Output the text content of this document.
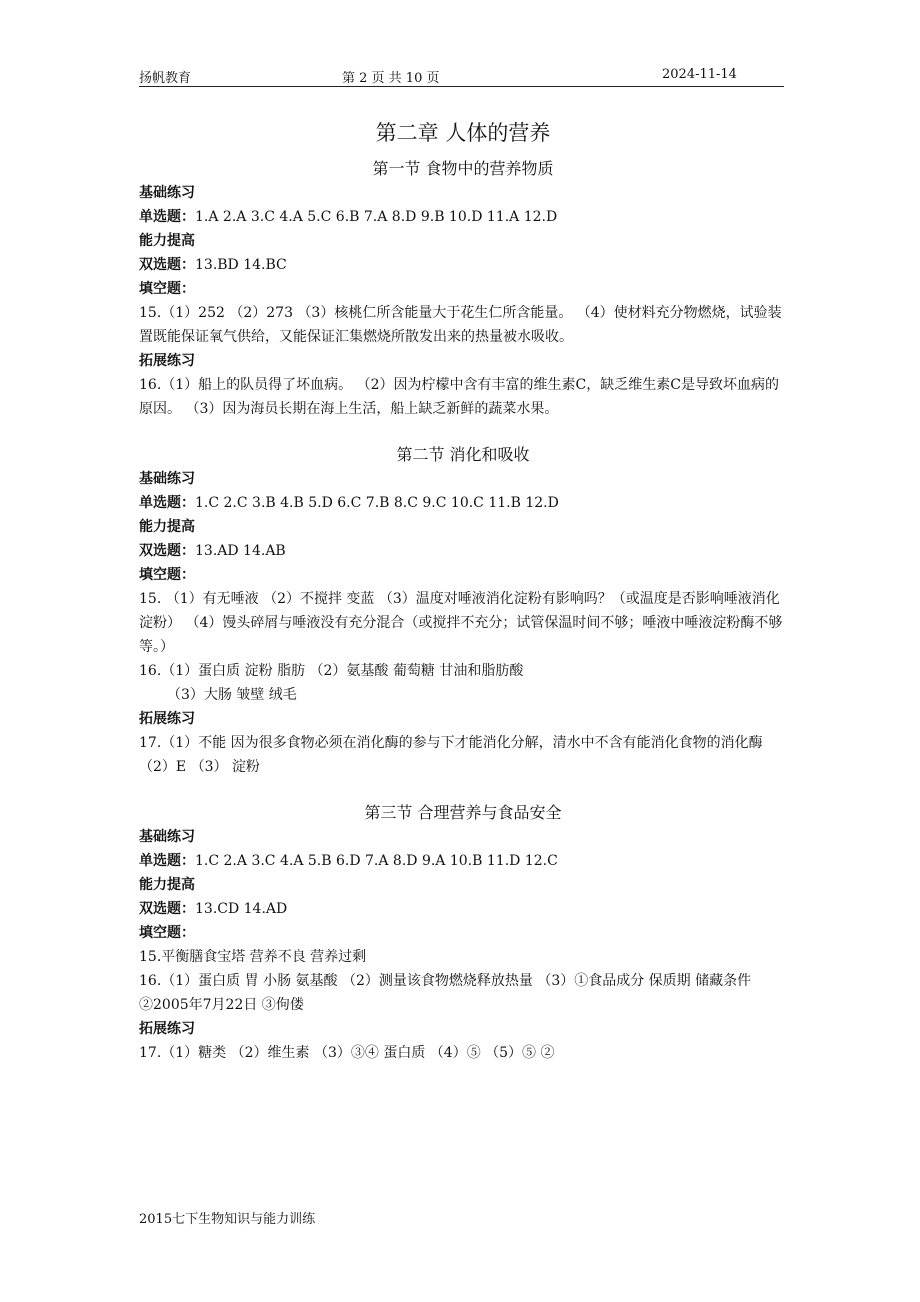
扬帆教育	第 2 页 共 10 页	2024-11-14
第二章 人体的营养
第一节 食物中的营养物质
基础练习
单选题：1.A 2.A 3.C 4.A 5.C 6.B 7.A 8.D 9.B 10.D 11.A 12.D
能力提高
双选题：13.BD 14.BC
填空题：
15.（1）252 （2）273 （3）核桃仁所含能量大于花生仁所含能量。 （4）使材料充分物燃烧，试验装置既能保证氧气供给，又能保证汇集燃烧所散发出来的热量被水吸收。
拓展练习
16.（1）船上的队员得了坏血病。 （2）因为柠檬中含有丰富的维生素C，缺乏维生素C是导致坏血病的原因。 （3）因为海员长期在海上生活，船上缺乏新鲜的蔬菜水果。
第二节 消化和吸收
基础练习
单选题：1.C 2.C 3.B 4.B 5.D 6.C 7.B 8.C 9.C 10.C 11.B 12.D
能力提高
双选题：13.AD 14.AB
填空题：
15. （1）有无唾液 （2）不搅拌 变蓝 （3）温度对唾液消化淀粉有影响吗？（或温度是否影响唾液消化淀粉） （4）馒头碎屑与唾液没有充分混合（或搅拌不充分；试管保温时间不够；唾液中唾液淀粉酶不够等。）
16.（1）蛋白质 淀粉 脂肪 （2）氨基酸 葡萄糖 甘油和脂肪酸
（3）大肠 皱壁 绒毛
拓展练习
17.（1）不能 因为很多食物必须在消化酶的参与下才能消化分解，清水中不含有能消化食物的消化酶 （2）E （3） 淀粉
第三节 合理营养与食品安全
基础练习
单选题：1.C 2.A 3.C 4.A 5.B 6.D 7.A 8.D 9.A 10.B 11.D 12.C
能力提高
双选题：13.CD 14.AD
填空题：
15.平衡膳食宝塔 营养不良 营养过剩
16.（1）蛋白质 胃 小肠 氨基酸 （2）测量该食物燃烧释放热量 （3）①食品成分 保质期 储藏条件 ②2005年7月22日 ③佝偻
拓展练习
17.（1）糖类 （2）维生素 （3）③④ 蛋白质 （4）⑤ （5）⑤ ②
2015七下生物知识与能力训练
